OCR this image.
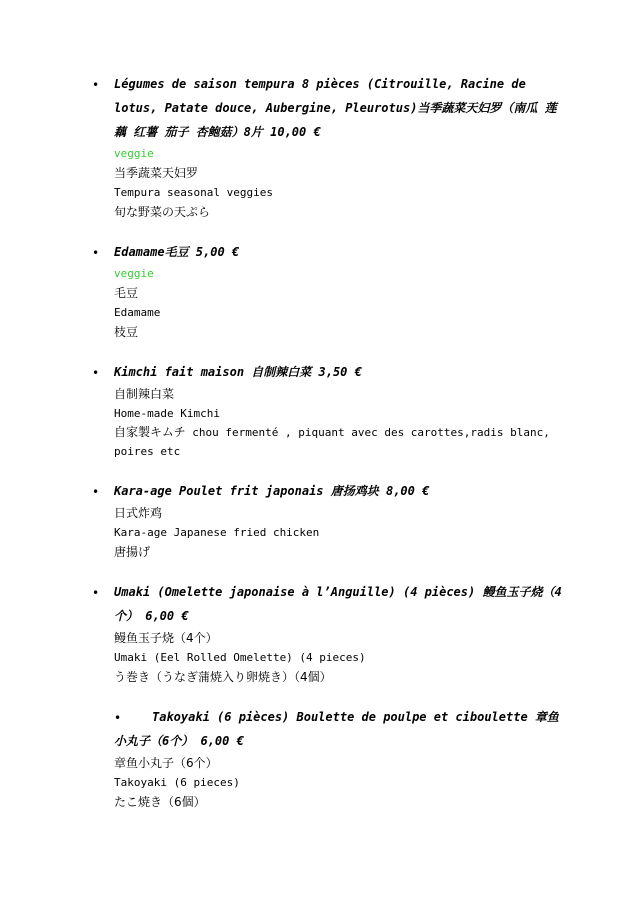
• Légumes de saison tempura 8 pièces (Citrouille, Racine de lotus, Patate douce, Aubergine, Pleurotus)当季蔬菜天妇罗（南瓜 莲藕 红薯 茄子 杏鲍菇）8片 10,00 €
veggie
当季蔬菜天妇罗
Tempura seasonal veggies
旬な野菜の天ぷら
• Edamame毛豆 5,00 €
veggie
毛豆
Edamame
枝豆
• Kimchi fait maison 自制辣白菜 3,50 €
自制辣白菜
Home-made Kimchi
自家製キムチ chou fermenté , piquant avec des carottes,radis blanc, poires etc
• Kara-age Poulet frit japonais 唐扬鸡块 8,00 €
日式炸鸡
Kara-age Japanese fried chicken
唐揚げ
• Umaki (Omelette japonaise à l’Anguille) (4 pièces) 鳗鱼玉子烧（4个） 6,00 €
鳗鱼玉子烧（4个）
Umaki (Eel Rolled Omelette) (4 pieces)
う巻き（うなぎ蒲焼入り卵焼き）（4個）
•	Takoyaki (6 pièces) Boulette de poulpe et ciboulette 章鱼小丸子（6个） 6,00 €
章鱼小丸子（6个）
Takoyaki (6 pieces)
たこ焼き（6個）
